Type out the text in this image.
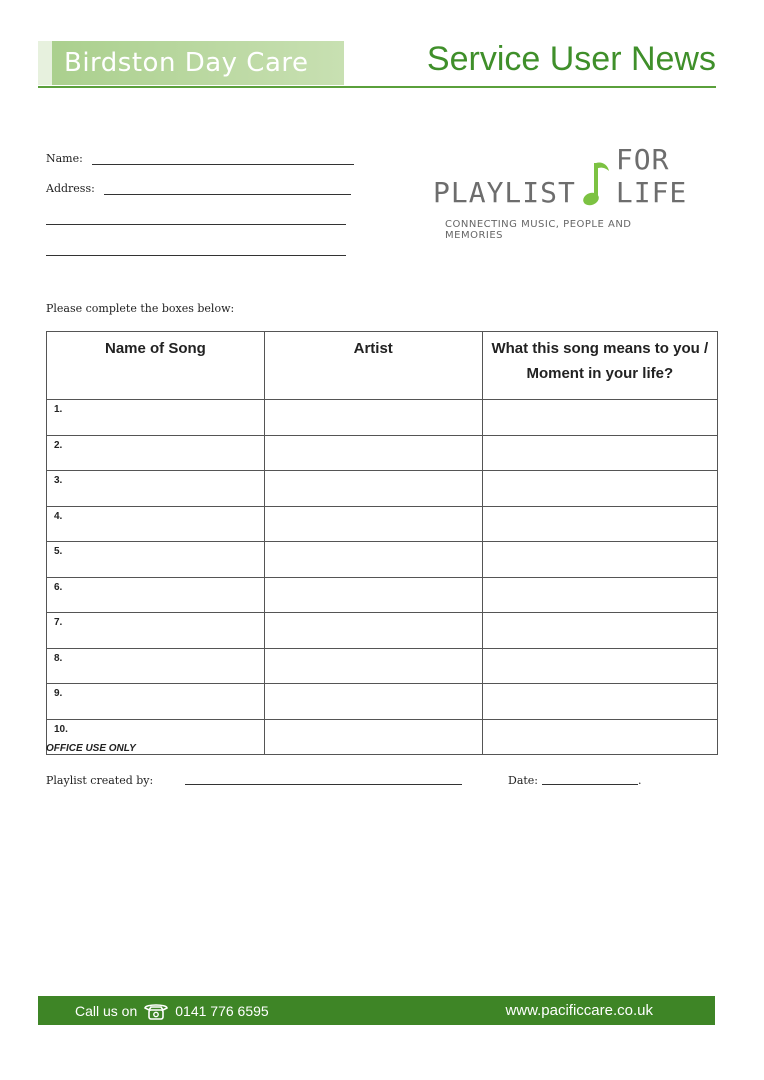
Birdston Day Care	Service User News
Name:
Address:	PLAYLIST
FOR LIFE
CONNECTING MUSIC, PEOPLE AND MEMORIES
Please complete the boxes below:
Name of Song	Artist	What this song means to you / Moment in your life?
1.		
2.		
3.		
4.		
5.		
6.		
7.		
8.		
9.		
10.		
OFFICE USE ONLY
Playlist created by:	Date:	.
Call us on	0141 776 6595	www.pacificcare.co.uk
